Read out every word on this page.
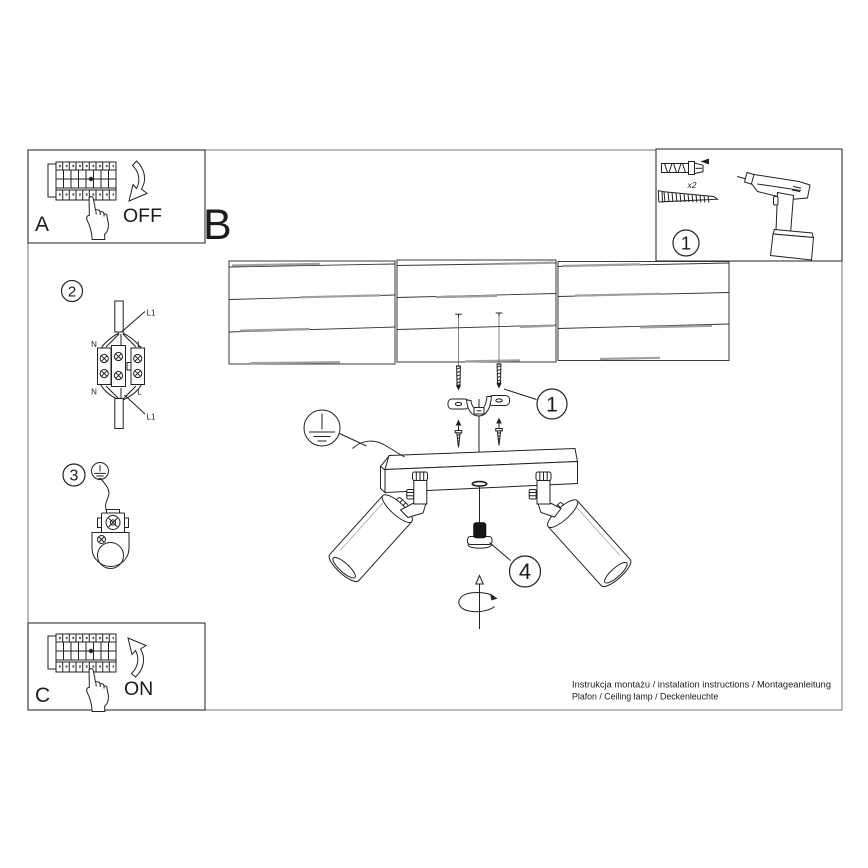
A	OFF B
x2
1
1
2
L1
N	L
N	L
L1
3
4
C	ON	Instrukcja montażu / instalation instructions / Montageanleitung
Plafon / Ceiling lamp / Deckenleuchte
